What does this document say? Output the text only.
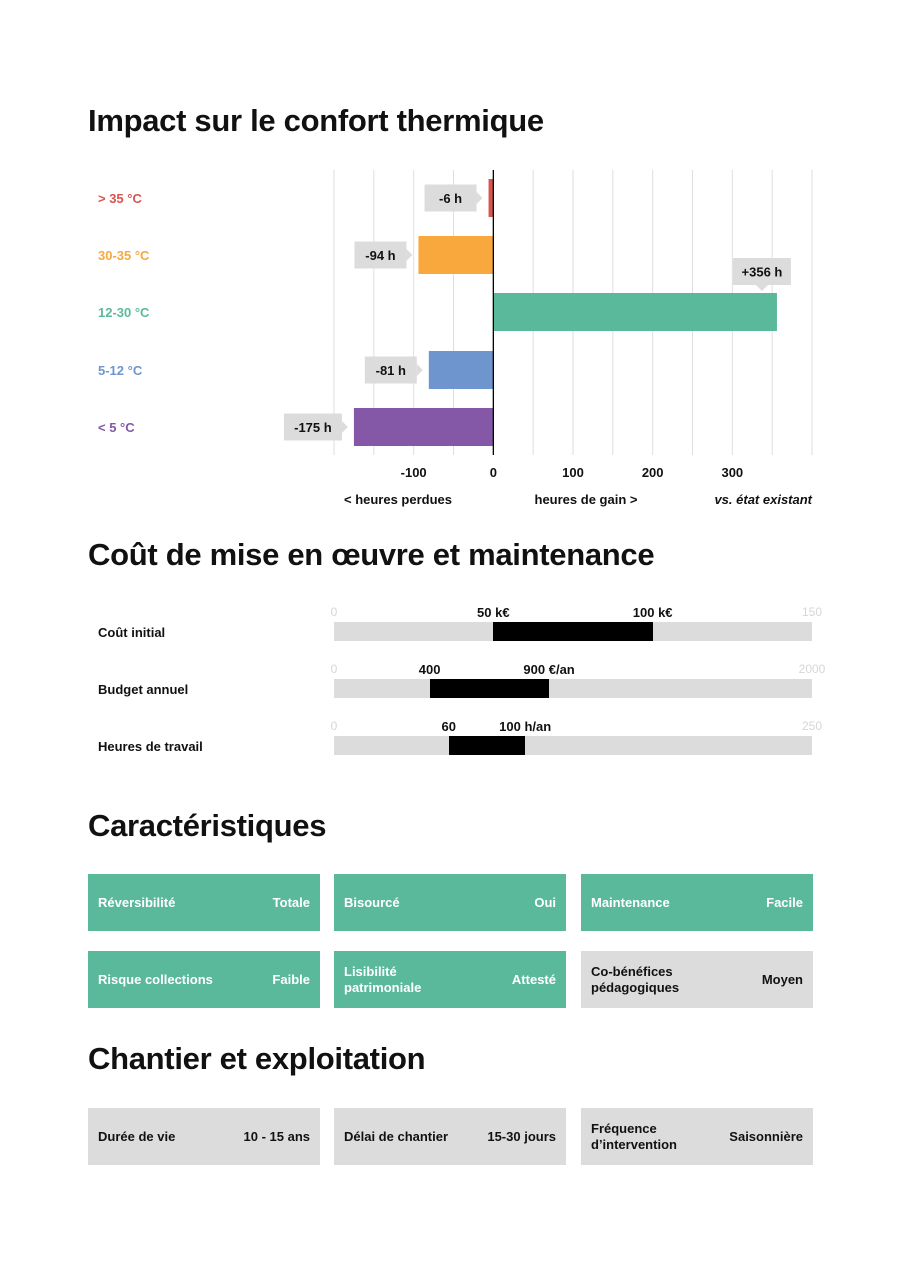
Impact sur le confort thermique
> 35 °C	-6 h
30-35 °C	-94 h
12-30 °C
+356 h
5-12 °C	-81 h
< 5 °C	-175 h
-100	0	100	200	300
< heures perdues	heures de gain >	vs. état existant
Coût de mise en œuvre et maintenance
Coût initial
0	150
50 k€	100 k€
Budget annuel
0	2000
400	900 €/an
Heures de travail
0	250
60	100 h/an
Caractéristiques
Réversibilité	Totale	Bisourcé	Oui	Maintenance	Facile
Risque collections	Faible
Lisibilité patrimoniale	Attesté
Co-bénéfices pédagogiques	Moyen
Chantier et exploitation
Durée de vie	10 - 15 ans	Délai de chantier	15-30 jours
Fréquence d’intervention	Saisonnière
